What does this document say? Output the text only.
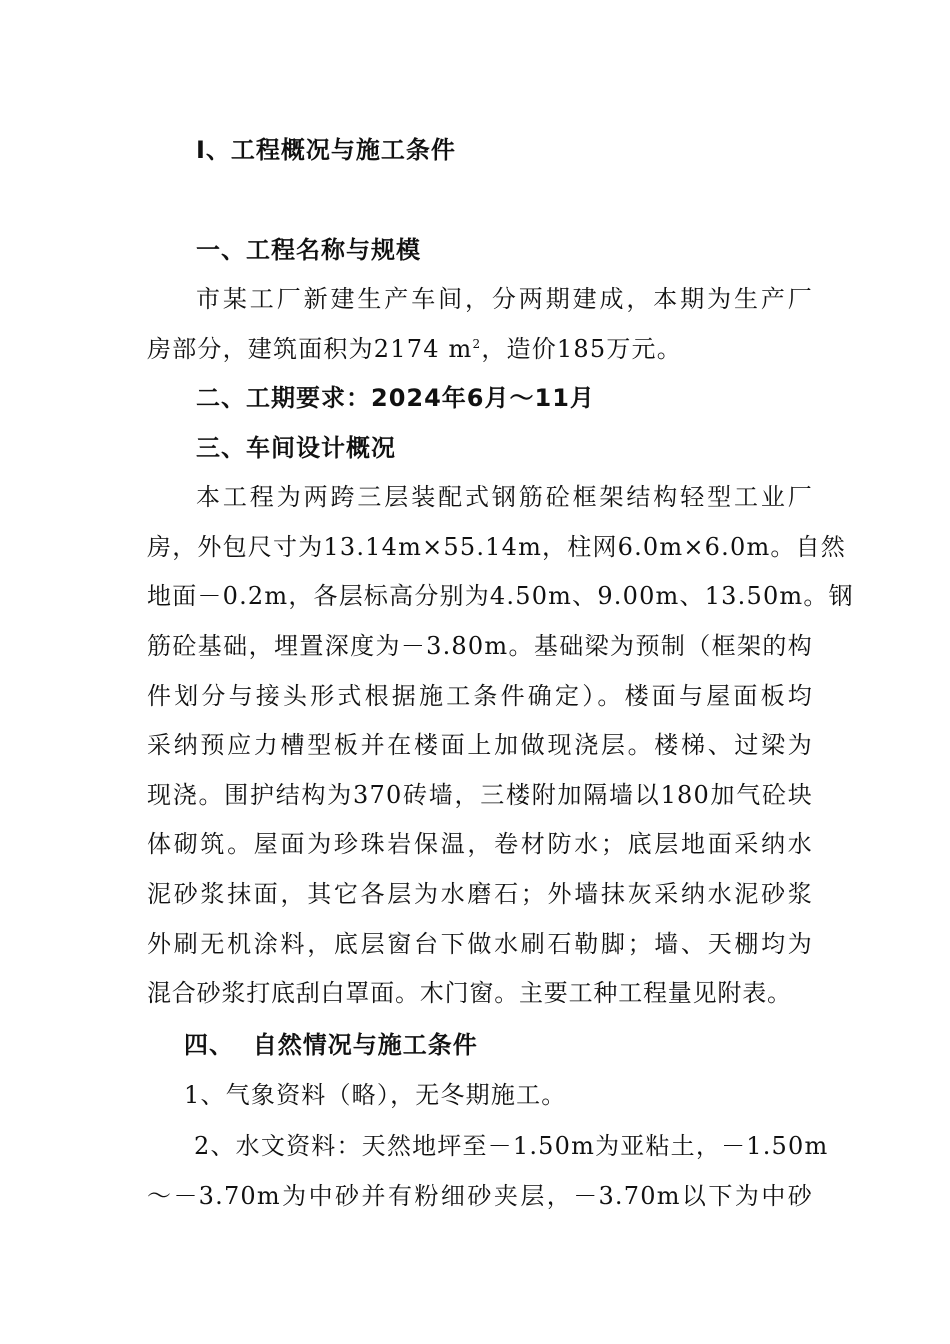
I、工程概况与施工条件
一、工程名称与规模
市某工厂新建生产车间，分两期建成，本期为生产厂
房部分，建筑面积为2174 $m^2$，造价185万元。
二、工期要求：2024年6月～11月
三、车间设计概况
本工程为两跨三层装配式钢筋砼框架结构轻型工业厂
房，外包尺寸为13.14m×55.14m，柱网6.0m×6.0m。自然
地面－0.2m，各层标高分别为4.50m、9.00m、13.50m。钢
筋砼基础，埋置深度为－3.80m。基础梁为预制（框架的构
件划分与接头形式根据施工条件确定）。楼面与屋面板均
采纳预应力槽型板并在楼面上加做现浇层。楼梯、过梁为
现浇。围护结构为370砖墙，三楼附加隔墙以180加气砼块
体砌筑。屋面为珍珠岩保温，卷材防水；底层地面采纳水
泥砂浆抹面，其它各层为水磨石；外墙抹灰采纳水泥砂浆
外刷无机涂料，底层窗台下做水刷石勒脚；墙、天棚均为
混合砂浆打底刮白罩面。木门窗。主要工种工程量见附表。
四、  自然情况与施工条件
1、气象资料（略），无冬期施工。
2、水文资料：天然地坪至－1.50m为亚粘土，－1.50m
～－3.70m为中砂并有粉细砂夹层，－3.70m以下为中砂
